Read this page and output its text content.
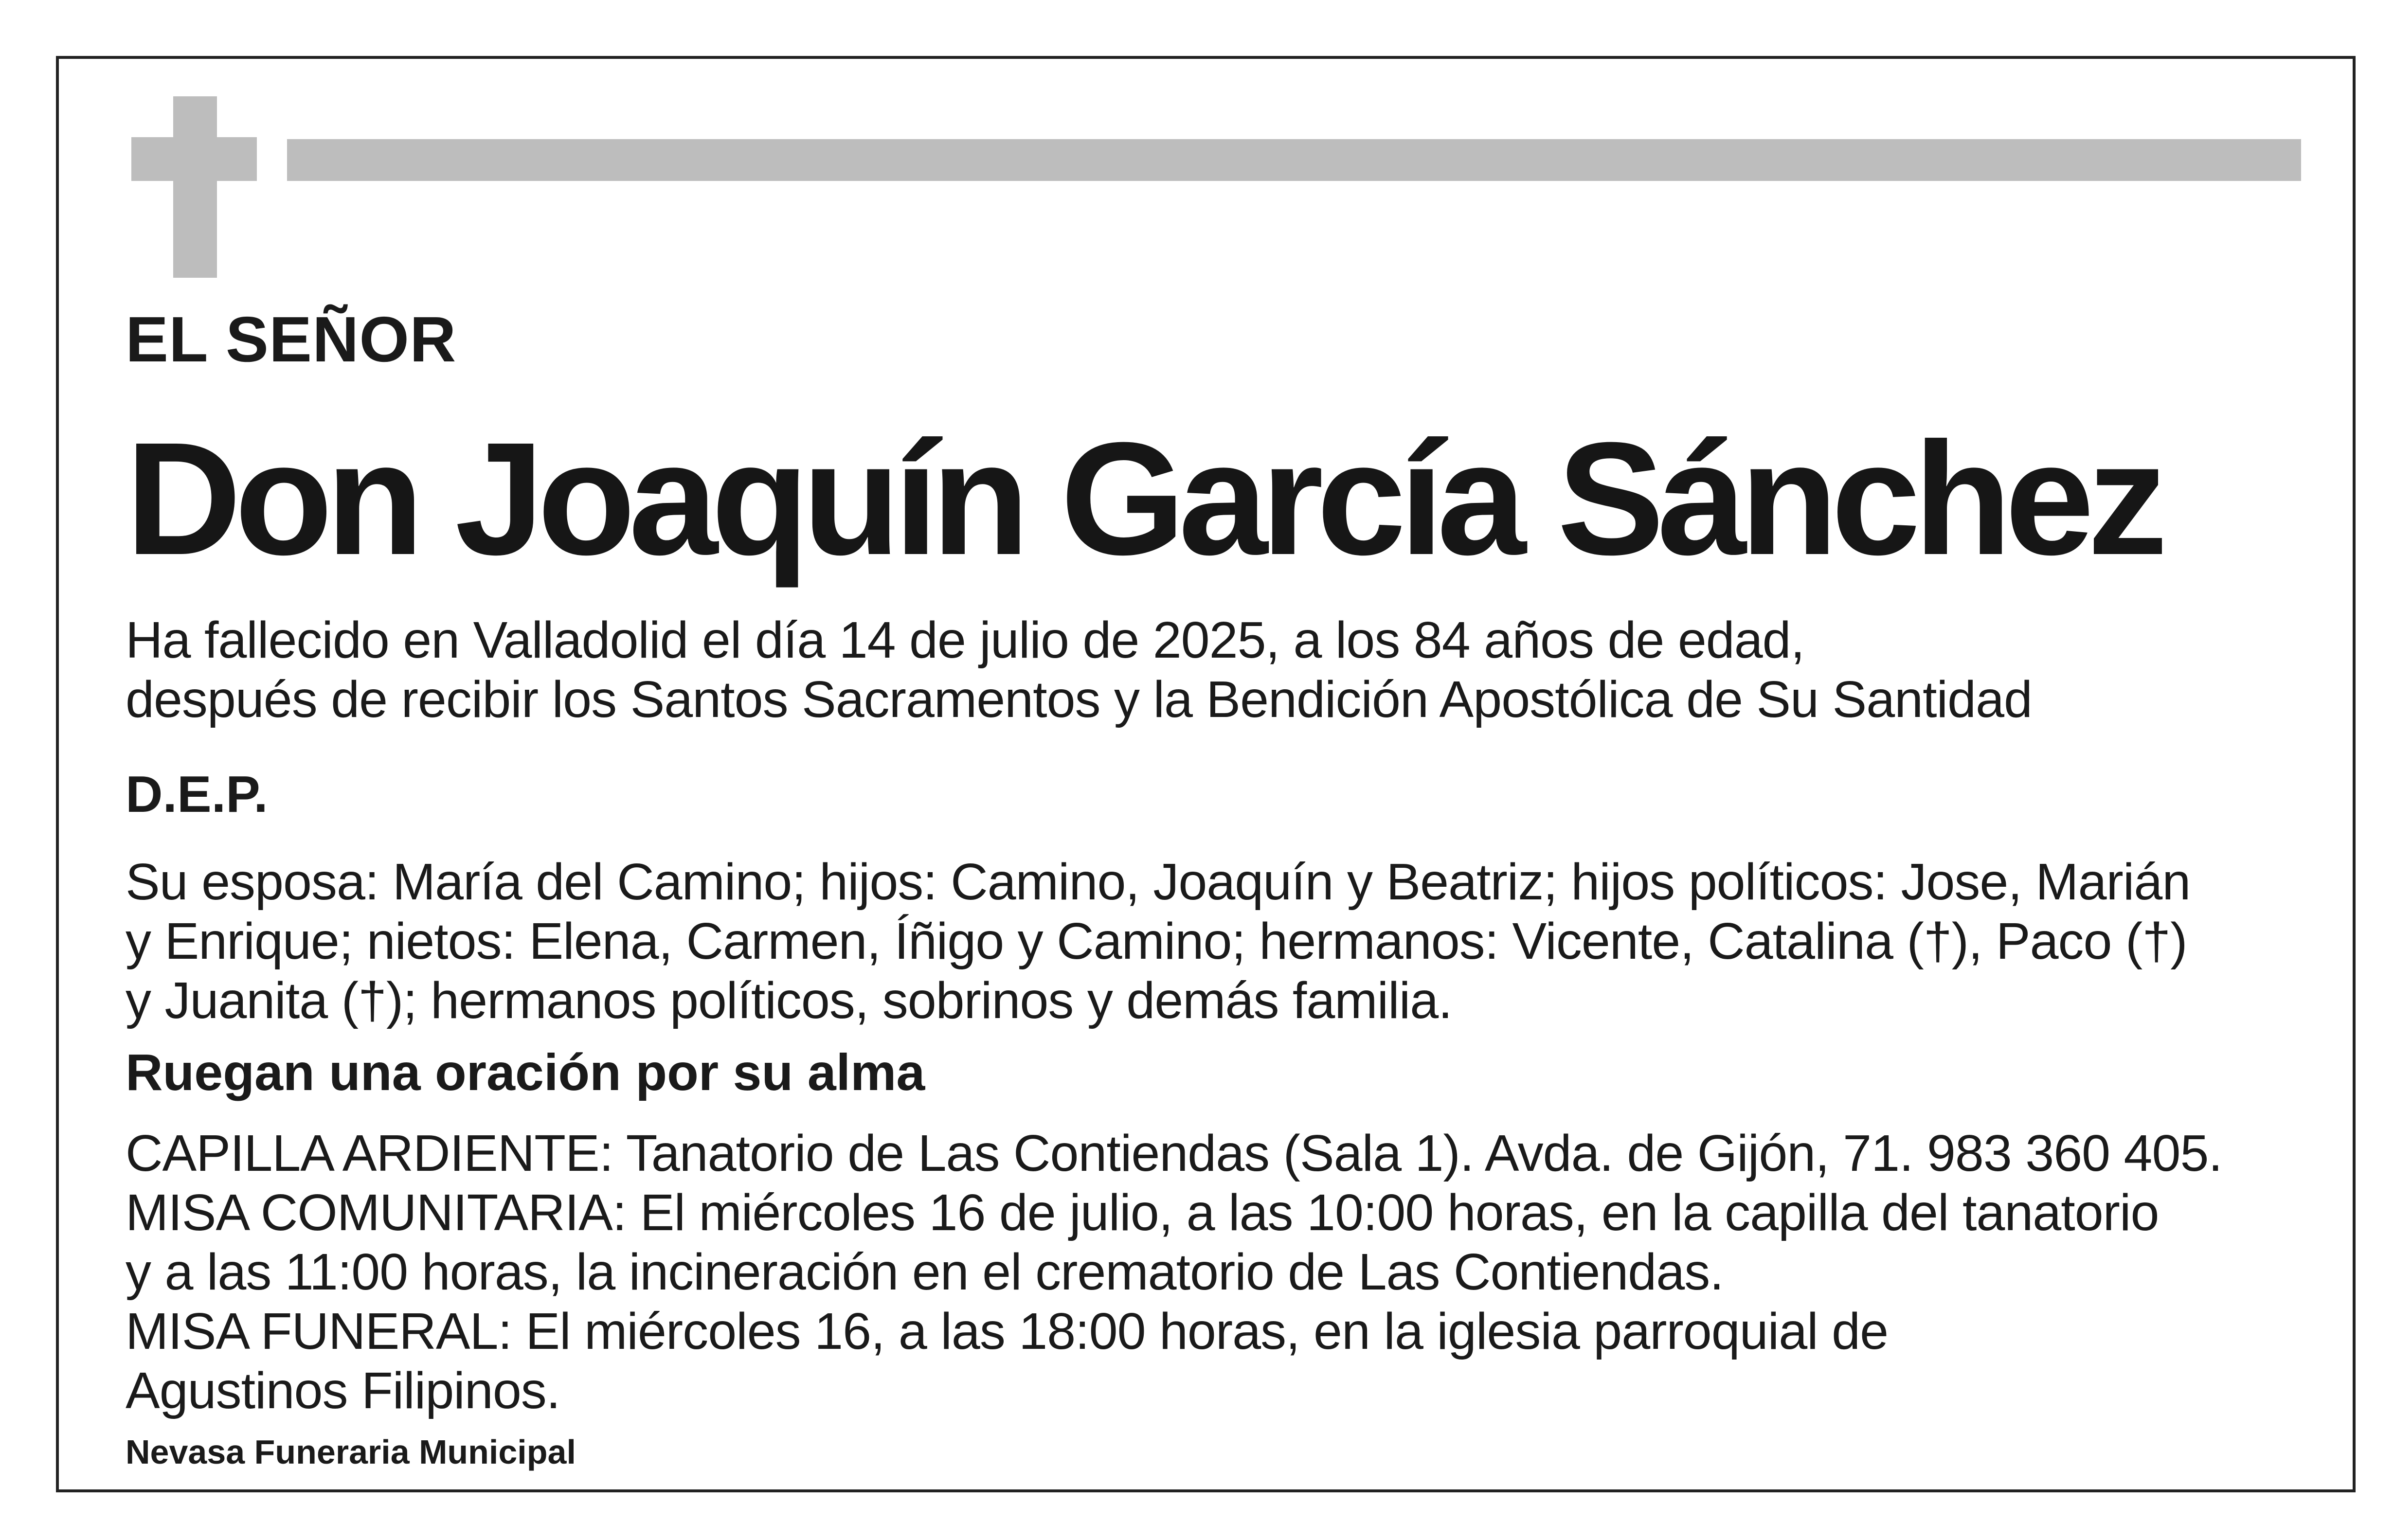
EL SEÑOR

Don Joaquín García Sánchez

Ha fallecido en Valladolid el día 14 de julio de 2025, a los 84 años de edad,
después de recibir los Santos Sacramentos y la Bendición Apostólica de Su Santidad

D.E.P.

Su esposa: María del Camino; hijos: Camino, Joaquín y Beatriz; hijos políticos: Jose, Marián
y Enrique; nietos: Elena, Carmen, Íñigo y Camino; hermanos: Vicente, Catalina (†), Paco (†)
y Juanita (†); hermanos políticos, sobrinos y demás familia.

Ruegan una oración por su alma

CAPILLA ARDIENTE: Tanatorio de Las Contiendas (Sala 1). Avda. de Gijón, 71. 983 360 405.
MISA COMUNITARIA: El miércoles 16 de julio, a las 10:00 horas, en la capilla del tanatorio
y a las 11:00 horas, la incineración en el crematorio de Las Contiendas.
MISA FUNERAL: El miércoles 16, a las 18:00 horas, en la iglesia parroquial de
Agustinos Filipinos.

Nevasa Funeraria Municipal
